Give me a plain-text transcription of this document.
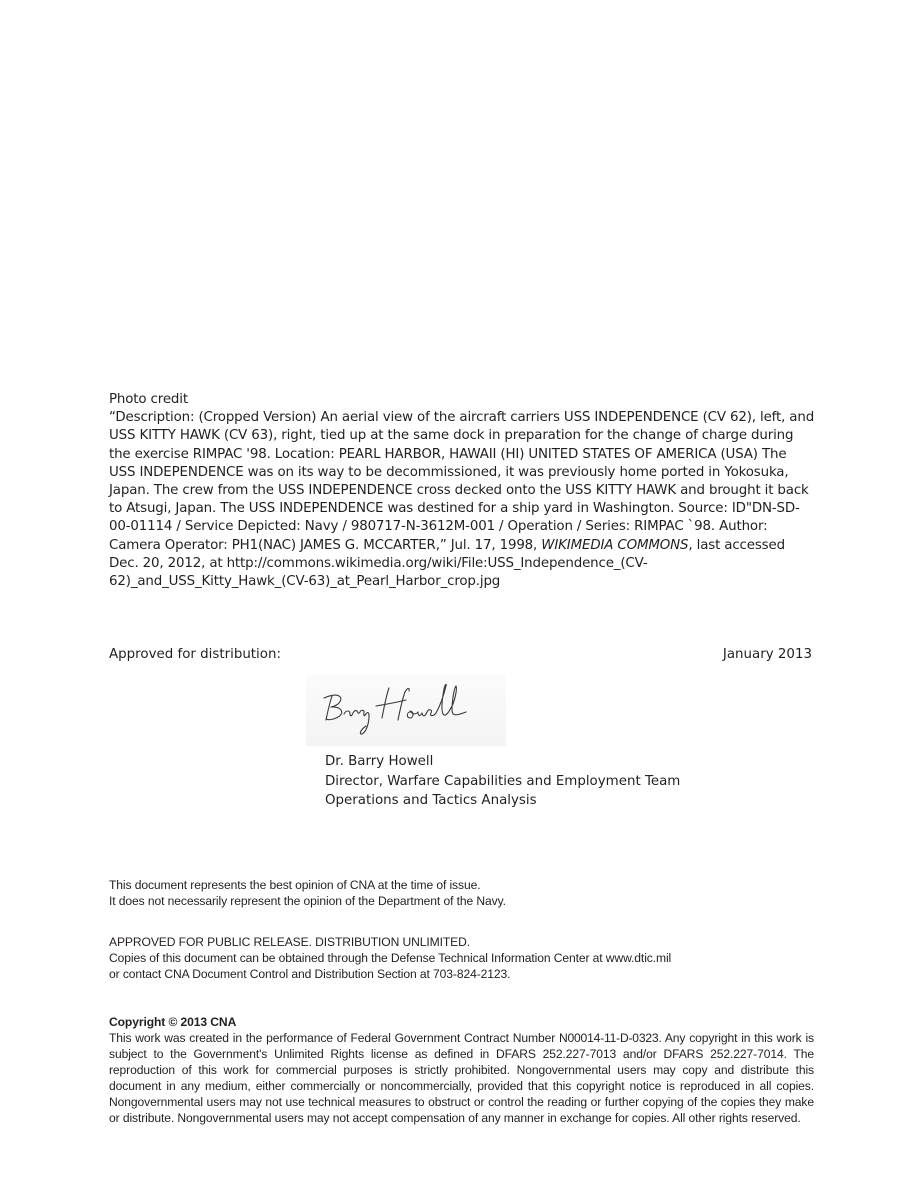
Photo credit

“Description: (Cropped Version) An aerial view of the aircraft carriers USS INDEPENDENCE (CV 62), left, and USS KITTY HAWK (CV 63), right, tied up at the same dock in preparation for the change of charge during the exercise RIMPAC '98. Location: PEARL HARBOR, HAWAII (HI) UNITED STATES OF AMERICA (USA) The USS INDEPENDENCE was on its way to be decommissioned, it was previously home ported in Yokosuka, Japan. The crew from the USS INDEPENDENCE cross decked onto the USS KITTY HAWK and brought it back to Atsugi, Japan. The USS INDEPENDENCE was destined for a ship yard in Washington. Source: ID"DN-SD-00-01114 / Service Depicted: Navy / 980717-N-3612M-001 / Operation / Series: RIMPAC `98. Author: Camera Operator: PH1(NAC) JAMES G. MCCARTER,” Jul. 17, 1998, WIKIMEDIA COMMONS, last accessed Dec. 20, 2012, at http://commons.wikimedia.org/wiki/File:USS_Independence_(CV-62)_and_USS_Kitty_Hawk_(CV-63)_at_Pearl_Harbor_crop.jpg

Approved for distribution:	January 2013
Dr. Barry Howell
Director, Warfare Capabilities and Employment Team
Operations and Tactics Analysis
This document represents the best opinion of CNA at the time of issue.
It does not necessarily represent the opinion of the Department of the Navy.
APPROVED FOR PUBLIC RELEASE. DISTRIBUTION UNLIMITED.
Copies of this document can be obtained through the Defense Technical Information Center at www.dtic.mil
or contact CNA Document Control and Distribution Section at 703-824-2123.
Copyright © 2013 CNA

This work was created in the performance of Federal Government Contract Number N00014-11-D-0323. Any copyright in this work is subject to the Government's Unlimited Rights license as defined in DFARS 252.227-7013 and/or DFARS 252.227-7014. The reproduction of this work for commercial purposes is strictly prohibited. Nongovernmental users may copy and distribute this document in any medium, either commercially or noncommercially, provided that this copyright notice is reproduced in all copies. Nongovernmental users may not use technical measures to obstruct or control the reading or further copying of the copies they make or distribute. Nongovernmental users may not accept compensation of any manner in exchange for copies. All other rights reserved.
